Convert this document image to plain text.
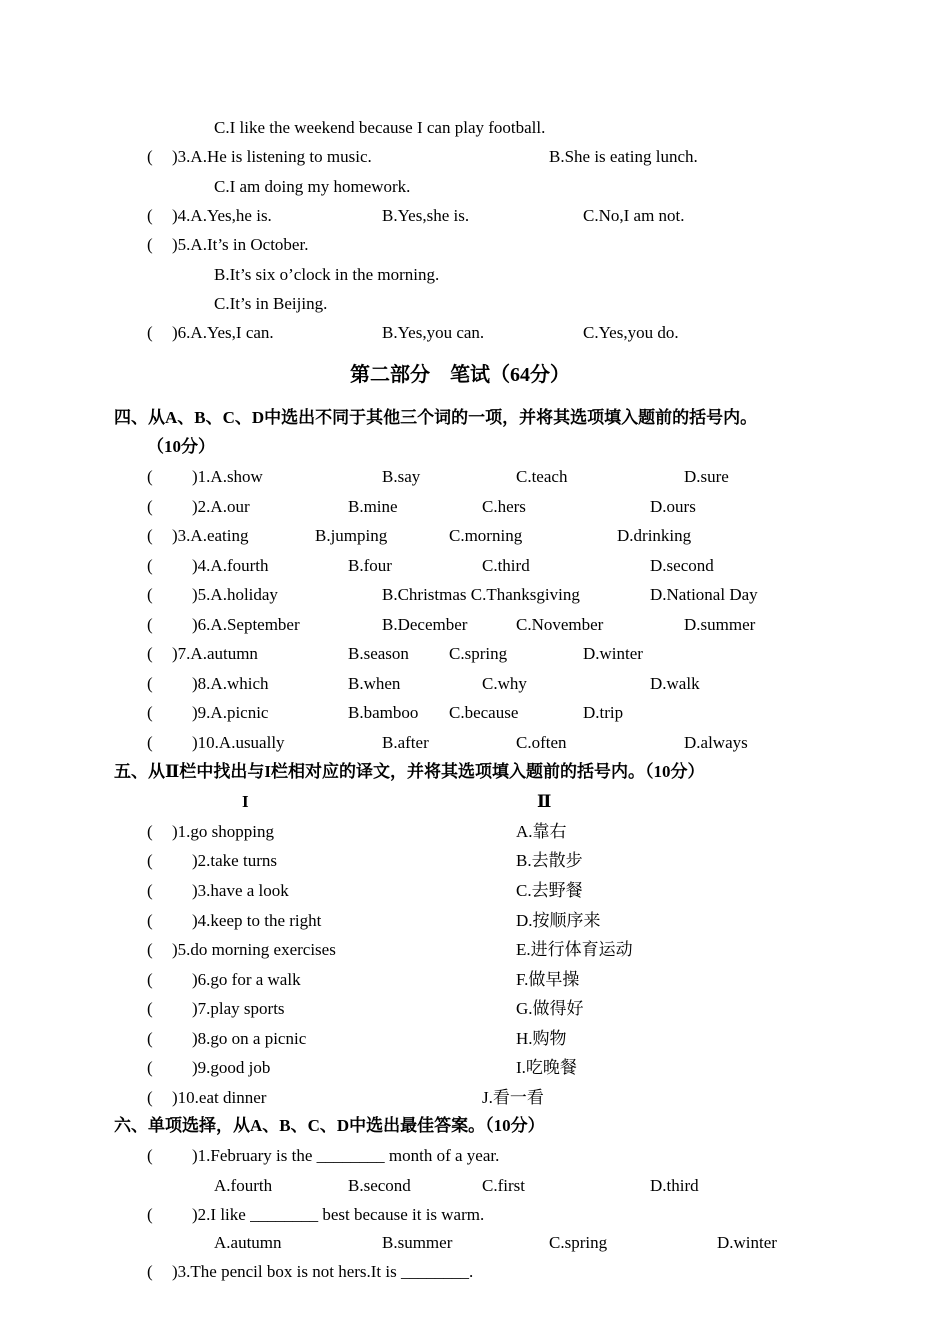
C.I like the weekend because I can play football.
( )3.A.He is listening to music.	B.She is eating lunch.
C.I am doing my homework.
( )4.A.Yes,he is.	B.Yes,she is.	C.No,I am not.
( )5.A.It’s in October.
B.It’s six o’clock in the morning.
C.It’s in Beijing.
( )6.A.Yes,I can.	B.Yes,you can.	C.Yes,you do.
第二部分　笔试（64分）
四、从A、B、C、D中选出不同于其他三个词的一项，并将其选项填入题前的括号内。
（10分）
( )1.A.show	B.say	C.teach	D.sure
( )2.A.our	B.mine	C.hers	D.ours
( )3.A.eating	B.jumping	C.morning	D.drinking
( )4.A.fourth	B.four	C.third	D.second
( )5.A.holiday	B.Christmas C.Thanksgiving	D.National Day
( )6.A.September	B.December	C.November	D.summer
( )7.A.autumn	B.season C.spring	D.winter
( )8.A.which	B.when	C.why	D.walk
( )9.A.picnic	B.bamboo C.because	D.trip
( )10.A.usually	B.after	C.often	D.always
五、从Ⅱ栏中找出与I栏相对应的译文，并将其选项填入题前的括号内。（10分）
I	Ⅱ
( )1.go shopping	A.靠右
( )2.take turns	B.去散步
( )3.have a look	C.去野餐
( )4.keep to the right	D.按顺序来
( )5.do morning exercises	E.进行体育运动
( )6.go for a walk	F.做早操
( )7.play sports	G.做得好
( )8.go on a picnic	H.购物
( )9.good job	I.吃晚餐
( )10.eat dinner	J.看一看
六、单项选择，从A、B、C、D中选出最佳答案。（10分）
( )1.February is the ________ month of a year.
A.fourth	B.second	C.first	D.third
( )2.I like ________ best because it is warm.
A.autumn	B.summer	C.spring	D.winter
( )3.The pencil box is not hers.It is ________.
